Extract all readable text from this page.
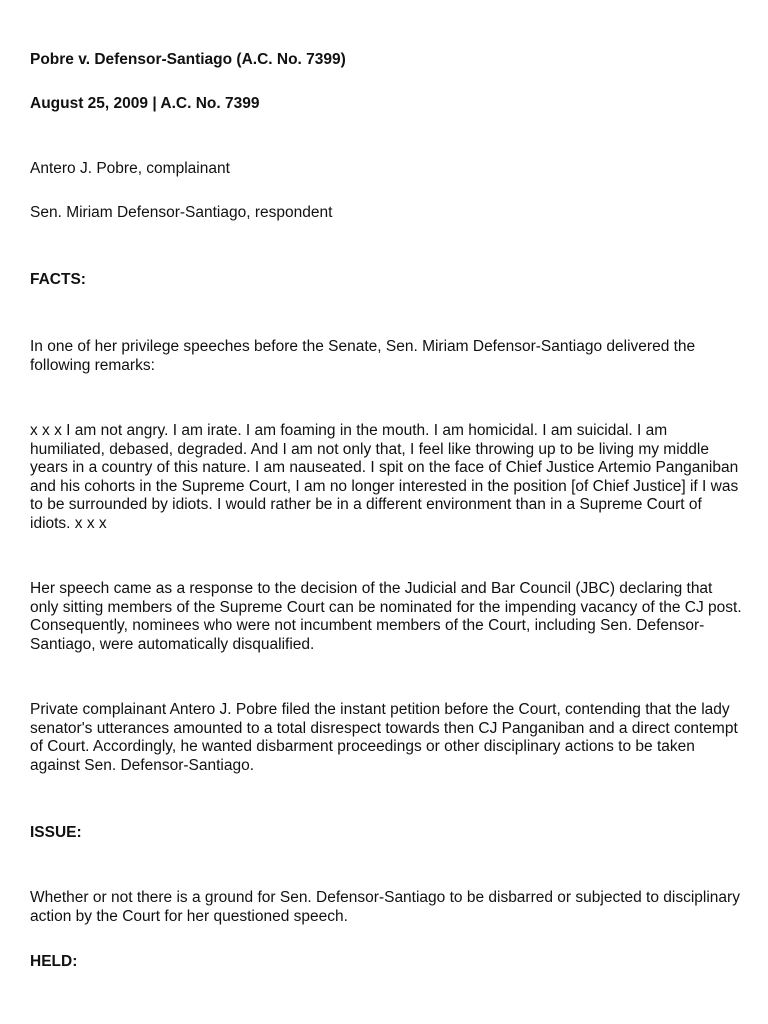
Pobre v. Defensor-Santiago (A.C. No. 7399)

August 25, 2009 | A.C. No. 7399

Antero J. Pobre, complainant

Sen. Miriam Defensor-Santiago, respondent

FACTS:

In one of her privilege speeches before the Senate, Sen. Miriam Defensor-Santiago delivered the following remarks:

x x x I am not angry. I am irate. I am foaming in the mouth. I am homicidal. I am suicidal. I am humiliated, debased, degraded. And I am not only that, I feel like throwing up to be living my middle years in a country of this nature. I am nauseated. I spit on the face of Chief Justice Artemio Panganiban and his cohorts in the Supreme Court, I am no longer interested in the position [of Chief Justice] if I was to be surrounded by idiots. I would rather be in a different environment than in a Supreme Court of idiots. x x x

Her speech came as a response to the decision of the Judicial and Bar Council (JBC) declaring that only sitting members of the Supreme Court can be nominated for the impending vacancy of the CJ post. Consequently, nominees who were not incumbent members of the Court, including Sen. Defensor-Santiago, were automatically disqualified.

Private complainant Antero J. Pobre filed the instant petition before the Court, contending that the lady senator's utterances amounted to a total disrespect towards then CJ Panganiban and a direct contempt of Court. Accordingly, he wanted disbarment proceedings or other disciplinary actions to be taken against Sen. Defensor-Santiago.

ISSUE:

Whether or not there is a ground for Sen. Defensor-Santiago to be disbarred or subjected to disciplinary action by the Court for her questioned speech.

HELD:
